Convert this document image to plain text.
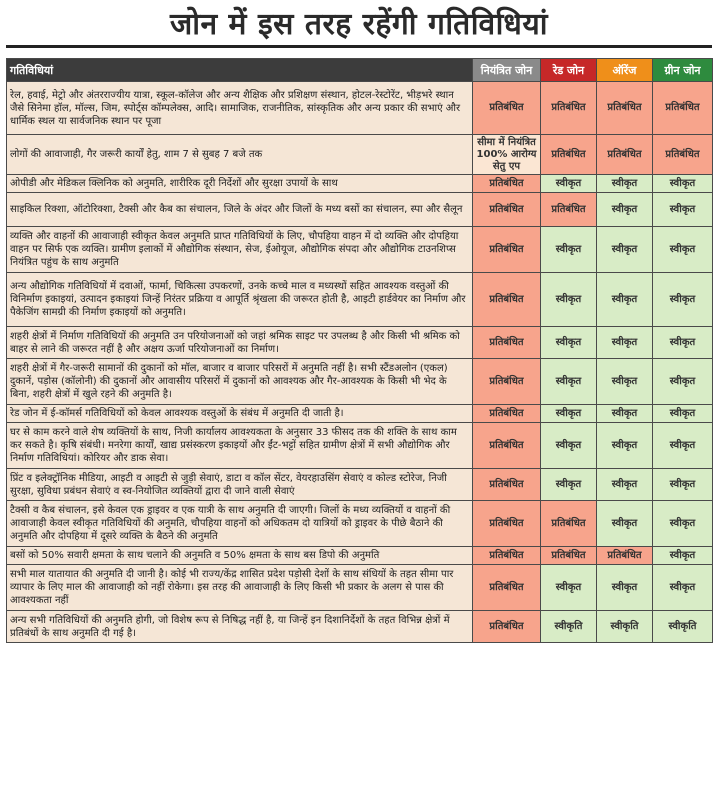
जोन में इस तरह रहेंगी गतिविधियां
गतिविधियां	नियंत्रित जोन	रेड जोन	ऑरेंज	ग्रीन जोन
रेल, हवाई, मेट्रो और अंतरराज्यीय यात्रा, स्कूल-कॉलेज और अन्य शैक्षिक और प्रशिक्षण संस्थान, होटल-रेस्टोरेंट, भीड़भरे स्थान जैसे सिनेमा हॉल, मॉल्स, जिम, स्पोर्ट्स कॉम्पलेक्स, आदि। सामाजिक, राजनीतिक, सांस्कृतिक और अन्य प्रकार की सभाएं और धार्मिक स्थल या सार्वजनिक स्थान पर पूजा	प्रतिबंधित	प्रतिबंधित	प्रतिबंधित	प्रतिबंधित
लोगों की आवाजाही, गैर जरूरी कार्यों हेतु, शाम 7 से सुबह 7 बजे तक	सीमा में नियंत्रित 100% आरोग्य सेतु एप	प्रतिबंधित	प्रतिबंधित	प्रतिबंधित
ओपीडी और मेडिकल क्लिनिक को अनुमति, शारीरिक दूरी निर्देशों और सुरक्षा उपायों के साथ	प्रतिबंधित	स्वीकृत	स्वीकृत	स्वीकृत
साइकिल रिक्शा, ऑटोरिक्शा, टैक्सी और कैब का संचालन, जिले के अंदर और जिलों के मध्य बसों का संचालन, स्पा और सैलून	प्रतिबंधित	प्रतिबंधित	स्वीकृत	स्वीकृत
व्यक्ति और वाहनों की आवाजाही स्वीकृत केवल अनुमति प्राप्त गतिविधियों के लिए, चौपहिया वाहन में दो व्यक्ति और दोपहिया वाहन पर सिर्फ एक व्यक्ति। ग्रामीण इलाकों में औद्योगिक संस्थान, सेज, ईओयूज, औद्योगिक संपदा और औद्योगिक टाउनशिप्स नियंत्रित पहुंच के साथ अनुमति	प्रतिबंधित	स्वीकृत	स्वीकृत	स्वीकृत
अन्य औद्योगिक गतिविधियों में दवाओं, फार्मा, चिकित्सा उपकरणों, उनके कच्चे माल व मध्यस्थों सहित आवश्यक वस्तुओं की विनिर्माण इकाइयां, उत्पादन इकाइयां जिन्हें निरंतर प्रक्रिया व आपूर्ति श्रृंखला की जरूरत होती है, आइटी हार्डवेयर का निर्माण और पैकेजिंग सामग्री की निर्माण इकाइयों को अनुमति।	प्रतिबंधित	स्वीकृत	स्वीकृत	स्वीकृत
शहरी क्षेत्रों में निर्माण गतिविधियों की अनुमति उन परियोजनाओं को जहां श्रमिक साइट पर उपलब्ध है और किसी भी श्रमिक को बाहर से लाने की जरूरत नहीं है और अक्षय ऊर्जा परियोजनाओं का निर्माण।	प्रतिबंधित	स्वीकृत	स्वीकृत	स्वीकृत
शहरी क्षेत्रों में गैर-जरूरी सामानों की दुकानों को मॉल, बाजार व बाजार परिसरों में अनुमति नहीं है। सभी स्टैंडअलोन (एकल) दुकानें, पड़ोस (कॉलोनी) की दुकानों और आवासीय परिसरों में दुकानों को आवश्यक और गैर-आवश्यक के किसी भी भेद के बिना, शहरी क्षेत्रों में खुले रहने की अनुमति है।	प्रतिबंधित	स्वीकृत	स्वीकृत	स्वीकृत
रेड जोन में ई-कॉमर्स गतिविधियों को केवल आवश्यक वस्तुओं के संबंध में अनुमति दी जाती है।	प्रतिबंधित	स्वीकृत	स्वीकृत	स्वीकृत
घर से काम करने वाले शेष व्यक्तियों के साथ, निजी कार्यालय आवश्यकता के अनुसार 33 फीसद तक की शक्ति के साथ काम कर सकते है। कृषि संबंधी। मनरेगा कार्यों, खाद्य प्रसंस्करण इकाइयों और ईंट-भट्टों सहित ग्रामीण क्षेत्रों में सभी औद्योगिक और निर्माण गतिविधियां। कोरियर और डाक सेवा।	प्रतिबंधित	स्वीकृत	स्वीकृत	स्वीकृत
प्रिंट व इलेक्ट्रॉनिक मीडिया, आइटी व आइटी से जुड़ी सेवाएं, डाटा व कॉल सेंटर, वेयरहाउसिंग सेवाएं व कोल्ड स्टोरेज, निजी सुरक्षा, सुविधा प्रबंधन सेवाएं व स्व-नियोजित व्यक्तियों द्वारा दी जाने वाली सेवाएं	प्रतिबंधित	स्वीकृत	स्वीकृत	स्वीकृत
टैक्सी व कैब संचालन, इसे केवल एक ड्राइवर व एक यात्री के साथ अनुमति दी जाएगी। जिलों के मध्य व्यक्तियों व वाहनों की आवाजाही केवल स्वीकृत गतिविधियों की अनुमति, चौपहिया वाहनों को अधिकतम दो यात्रियों को ड्राइवर के पीछे बैठाने की अनुमति और दोपहिया में दूसरे व्यक्ति के बैठने की अनुमति	प्रतिबंधित	प्रतिबंधित	स्वीकृत	स्वीकृत
बसों को 50% सवारी क्षमता के साथ चलाने की अनुमति व 50% क्षमता के साथ बस डिपो की अनुमति	प्रतिबंधित	प्रतिबंधित	प्रतिबंधित	स्वीकृत
सभी माल यातायात की अनुमति दी जानी है। कोई भी राज्य/केंद्र शासित प्रदेश पड़ोसी देशों के साथ संधियों के तहत सीमा पार व्यापार के लिए माल की आवाजाही को नहीं रोकेगा। इस तरह की आवाजाही के लिए किसी भी प्रकार के अलग से पास की आवश्यकता नहीं	प्रतिबंधित	स्वीकृत	स्वीकृत	स्वीकृत
अन्य सभी गतिविधियों की अनुमति होगी, जो विशेष रूप से निषिद्ध नहीं है, या जिन्हें इन दिशानिर्देशों के तहत विभिन्न क्षेत्रों में प्रतिबंधों के साथ अनुमति दी गई है।	प्रतिबंधित	स्वीकृति	स्वीकृति	स्वीकृति
